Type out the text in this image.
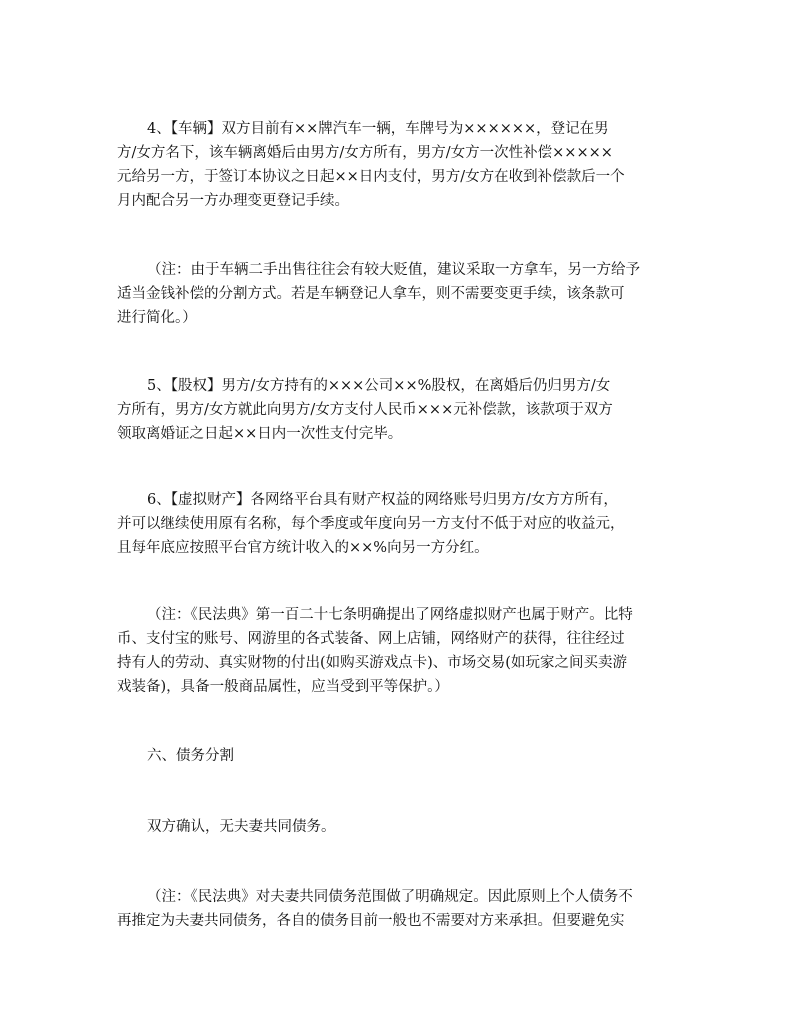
4、【车辆】双方目前有××牌汽车一辆，车牌号为××××××，登记在男
方/女方名下，该车辆离婚后由男方/女方所有，男方/女方一次性补偿×××××
元给另一方，于签订本协议之日起××日内支付，男方/女方在收到补偿款后一个
月内配合另一方办理变更登记手续。

（注：由于车辆二手出售往往会有较大贬值，建议采取一方拿车，另一方给予
适当金钱补偿的分割方式。若是车辆登记人拿车，则不需要变更手续，该条款可
进行简化。）

5、【股权】男方/女方持有的×××公司××%股权，在离婚后仍归男方/女
方所有，男方/女方就此向男方/女方支付人民币×××元补偿款，该款项于双方
领取离婚证之日起××日内一次性支付完毕。

6、【虚拟财产】各网络平台具有财产权益的网络账号归男方/女方方所有，
并可以继续使用原有名称，每个季度或年度向另一方支付不低于对应的收益元，
且每年底应按照平台官方统计收入的××%向另一方分红。

（注：《民法典》第一百二十七条明确提出了网络虚拟财产也属于财产。比特
币、支付宝的账号、网游里的各式装备、网上店铺，网络财产的获得，往往经过
持有人的劳动、真实财物的付出(如购买游戏点卡)、市场交易(如玩家之间买卖游
戏装备)，具备一般商品属性，应当受到平等保护。）

六、债务分割

双方确认，无夫妻共同债务。

（注：《民法典》对夫妻共同债务范围做了明确规定。因此原则上个人债务不
再推定为夫妻共同债务，各自的债务目前一般也不需要对方来承担。但要避免实
